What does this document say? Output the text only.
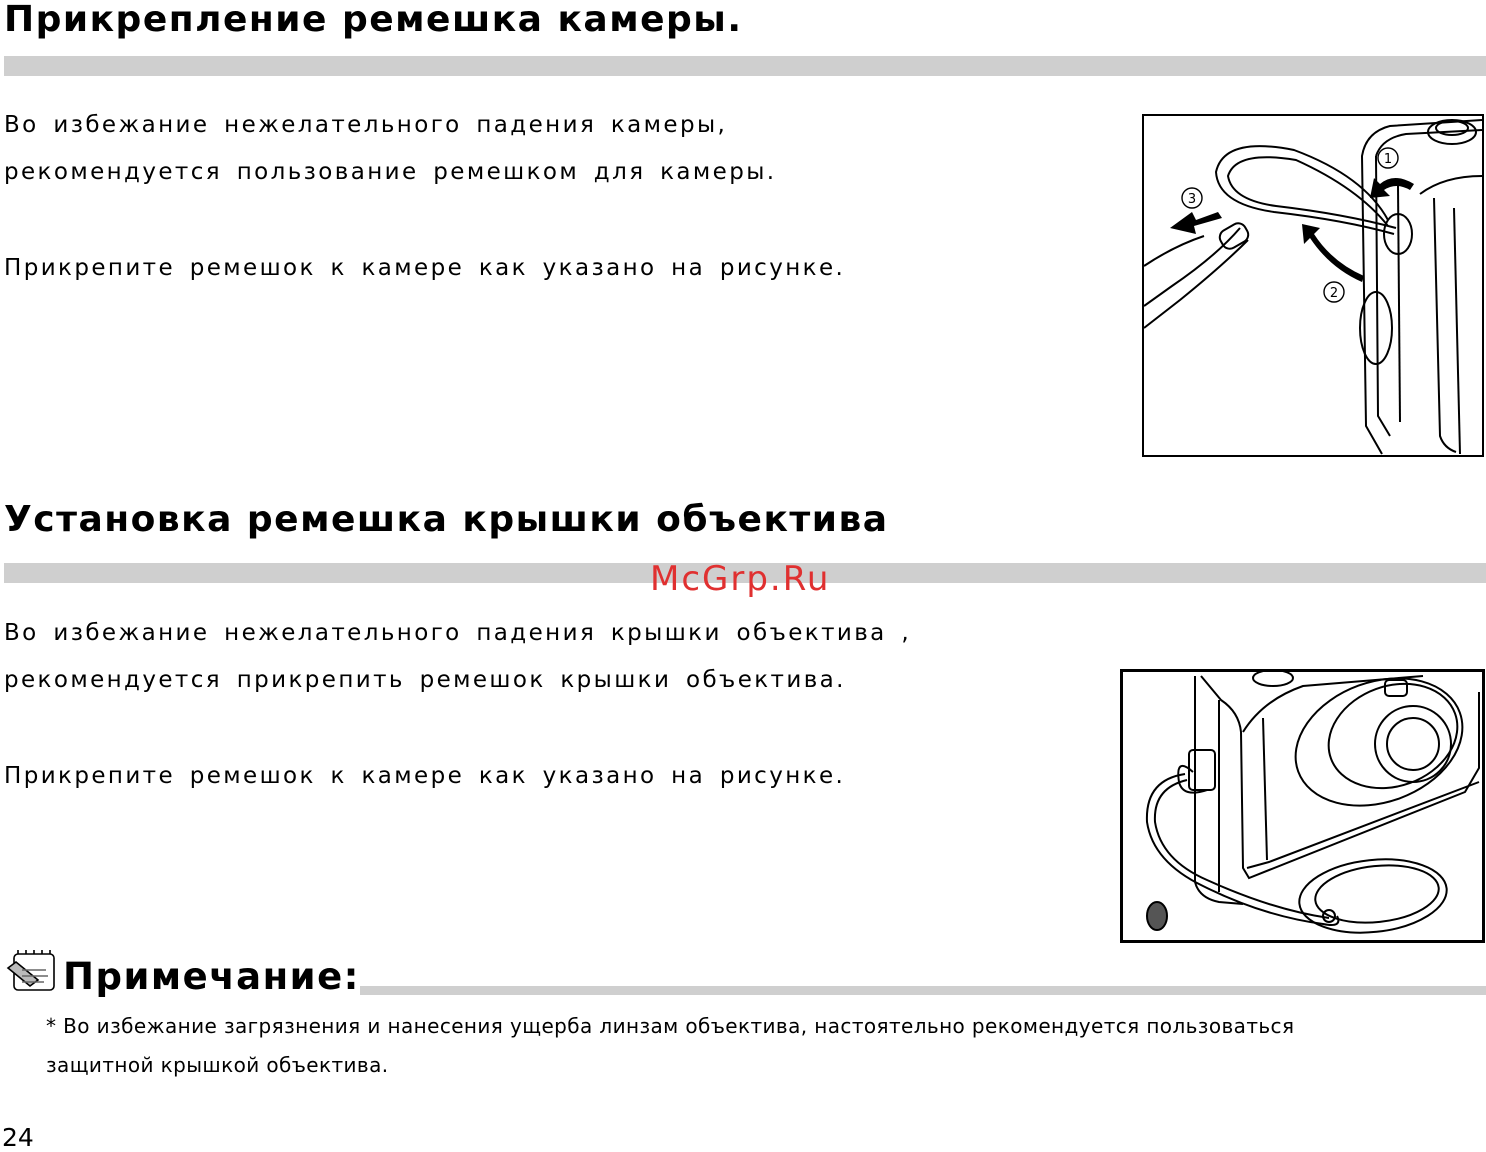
Прикрепление ремешка камеры.
Во избежание нежелательного падения камеры,
рекомендуется пользование ремешком для камеры.
Прикрепите ремешок к камере как указано на рисунке.
1
2
3
Установка ремешка крышки объектива
McGrp.Ru
Во избежание нежелательного падения крышки объектива ,
рекомендуется прикрепить ремешок крышки объектива.
Прикрепите ремешок к камере как указано на рисунке.
Примечание:
* Во избежание загрязнения и нанесения ущерба линзам объектива, настоятельно рекомендуется пользоваться
защитной крышкой объектива.
24
